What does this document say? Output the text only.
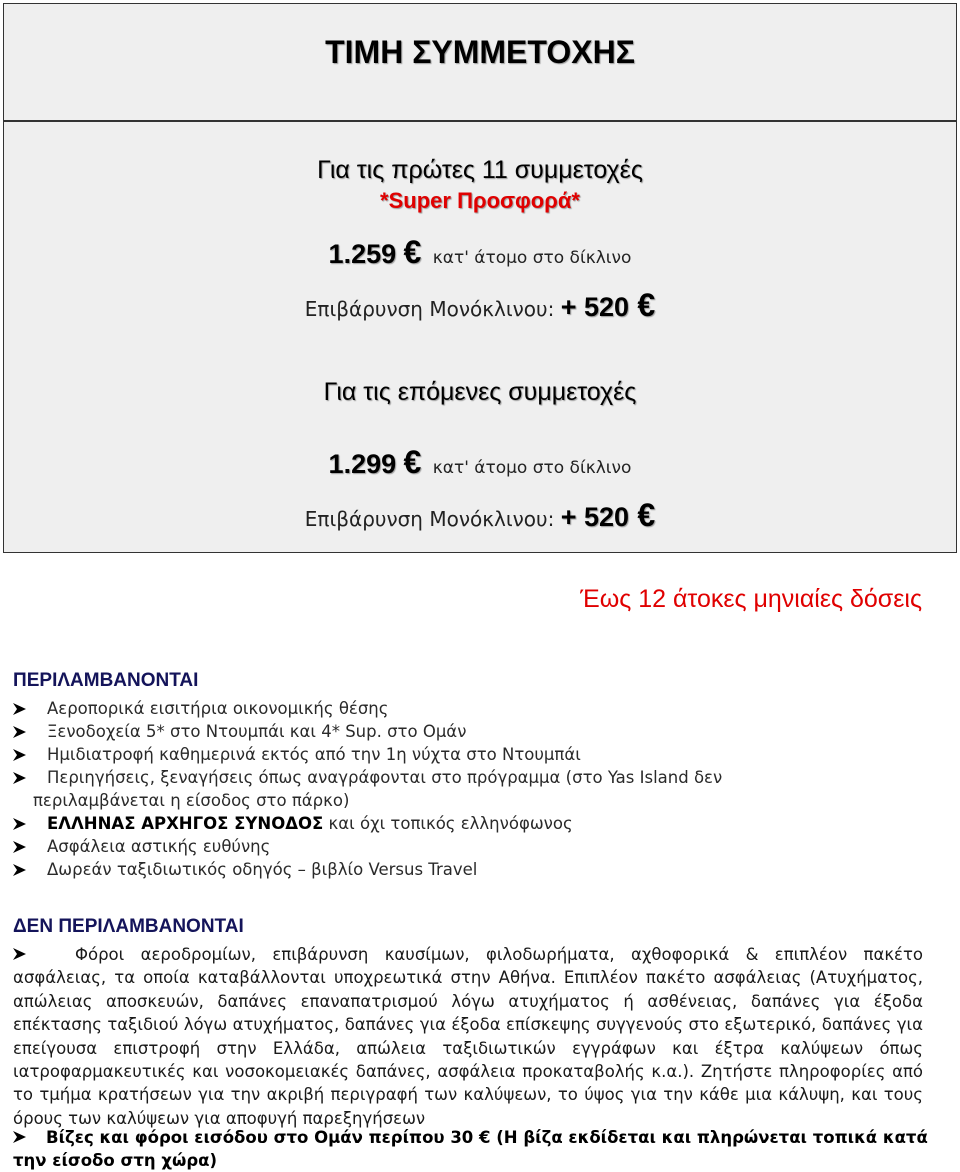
ΤΙΜΗ ΣΥΜΜΕΤΟΧΗΣ
Για τις πρώτες 11 συμμετοχές
*Super Προσφορά*
1.259 € κατ' άτομο στο δίκλινο
Επιβάρυνση Μονόκλινου: + 520 €
Για τις επόμενες συμμετοχές
1.299 € κατ' άτομο στο δίκλινο
Επιβάρυνση Μονόκλινου: + 520 €
Έως 12 άτοκες μηνιαίες δόσεις
ΠΕΡΙΛΑΜΒΑΝΟΝΤΑΙ
Αεροπορικά εισιτήρια οικονομικής θέσης
Ξενοδοχεία 5* στο Ντουμπάι και 4* Sup. στο Ομάν
Ημιδιατροφή καθημερινά εκτός από την 1η νύχτα στο Ντουμπάι
Περιηγήσεις, ξεναγήσεις όπως αναγράφονται στο πρόγραμμα (στο Yas Island δεν
περιλαμβάνεται η είσοδος στο πάρκο)
ΕΛΛΗΝΑΣ ΑΡΧΗΓΟΣ ΣΥΝΟΔΟΣ και όχι τοπικός ελληνόφωνος
Ασφάλεια αστικής ευθύνης
Δωρεάν ταξιδιωτικός οδηγός – βιβλίο Versus Travel
ΔΕΝ ΠΕΡΙΛΑΜΒΑΝΟΝΤΑΙ

Φόροι αεροδρομίων, επιβάρυνση καυσίμων, φιλοδωρήματα, αχθοφορικά & επιπλέον πακέτο ασφάλειας, τα οποία καταβάλλονται υποχρεωτικά στην Αθήνα. Επιπλέον πακέτο ασφάλειας (Ατυχήματος, απώλειας αποσκευών, δαπάνες επαναπατρισμού λόγω ατυχήματος ή ασθένειας, δαπάνες για έξοδα επέκτασης ταξιδιού λόγω ατυχήματος, δαπάνες για έξοδα επίσκεψης συγγενούς στο εξωτερικό, δαπάνες για επείγουσα επιστροφή στην Ελλάδα, απώλεια ταξιδιωτικών εγγράφων και έξτρα καλύψεων όπως ιατροφαρμακευτικές και νοσοκομειακές δαπάνες, ασφάλεια προκαταβολής κ.α.). Ζητήστε πληροφορίες από το τμήμα κρατήσεων για την ακριβή περιγραφή των καλύψεων, το ύψος για την κάθε μια κάλυψη, και τους όρους των καλύψεων για αποφυγή παρεξηγήσεων

Βίζες και φόροι εισόδου στο Ομάν περίπου 30 € (Η βίζα εκδίδεται και πληρώνεται τοπικά κατά την είσοδο στη χώρα)
